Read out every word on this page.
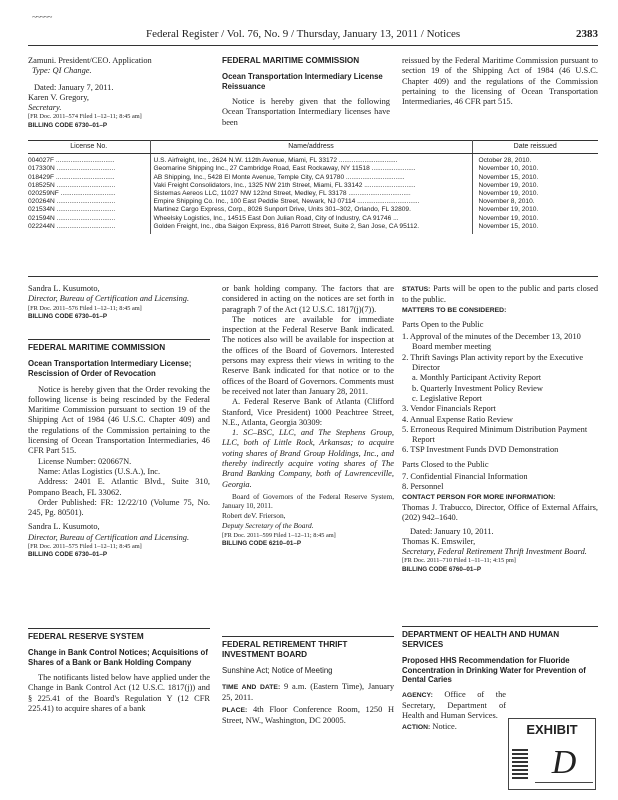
~~~~~
Federal Register / Vol. 76, No. 9 / Thursday, January 13, 2011 / Notices	2383

Zamuni. President/CEO. Application

Type: QI Change.

Dated: January 7, 2011.

Karen V. Gregory,

Secretary.

[FR Doc. 2011–574 Filed 1–12–11; 8:45 am]

BILLING CODE 6730–01–P

FEDERAL MARITIME COMMISSION
Ocean Transportation Intermediary License Reissuance

Notice is hereby given that the following Ocean Transportation Intermediary licenses have been

reissued by the Federal Maritime Commission pursuant to section 19 of the Shipping Act of 1984 (46 U.S.C. Chapter 409) and the regulations of the Commission pertaining to the licensing of Ocean Transportation Intermediaries, 46 CFR part 515.

License No.	Name/address	Date reissued
004027F ................................	U.S. Airfreight, Inc., 2624 N.W. 112th Avenue, Miami, FL 33172 ................................	October 28, 2010.
017330N ................................	Geomarine Shipping Inc., 27 Cambridge Road, East Rockaway, NY 11518 ........................	November 10, 2010.
018429F ................................	AB Shipping, Inc., 5428 El Monte Avenue, Temple City, CA 91780 ................................	November 15, 2010.
018525N ................................	Vaki Freight Consolidators, Inc., 1325 NW 21th Street, Miami, FL 33142 ............................	November 19, 2010.
020259NF ..............................	Sistemas Aereos LLC, 11027 NW 122nd Street, Medley, FL 33178 ..................................	November 19, 2010.
020264N ................................	Empire Shipping Co. Inc., 100 East Peddie Street, Newark, NJ 07114 ..................................	November 8, 2010.
021534N ................................	Martinez Cargo Express, Corp., 8026 Sunport Drive, Units 301–302, Orlando, FL 32809.	November 19, 2010.
021594N ................................	Wheelsky Logistics, Inc., 14515 East Don Julian Road, City of Industry, CA 91746 ...	November 19, 2010.
022244N ................................	Golden Freight, Inc., dba Saigon Express, 816 Parrott Street, Suite 2, San Jose, CA 95112.	November 15, 2010.

Sandra L. Kusumoto,

Director, Bureau of Certification and Licensing.

[FR Doc. 2011–576 Filed 1–12–11; 8:45 am]

BILLING CODE 6730–01–P

FEDERAL MARITIME COMMISSION
Ocean Transportation Intermediary License; Rescission of Order of Revocation

Notice is hereby given that the Order revoking the following license is being rescinded by the Federal Maritime Commission pursuant to section 19 of the Shipping Act of 1984 (46 U.S.C. Chapter 409) and the regulations of the Commission pertaining to the licensing of Ocean Transportation Intermediaries, 46 CFR Part 515.

License Number: 020667N.

Name: Atlas Logistics (U.S.A.), Inc.

Address: 2401 E. Atlantic Blvd., Suite 310, Pompano Beach, FL 33062.

Order Published: FR: 12/22/10 (Volume 75, No. 245, Pg. 80501).

Sandra L. Kusumoto,

Director, Bureau of Certification and Licensing.

[FR Doc. 2011–575 Filed 1–12–11; 8:45 am]

BILLING CODE 6730–01–P

FEDERAL RESERVE SYSTEM
Change in Bank Control Notices; Acquisitions of Shares of a Bank or Bank Holding Company

The notificants listed below have applied under the Change in Bank Control Act (12 U.S.C. 1817(j)) and § 225.41 of the Board's Regulation Y (12 CFR 225.41) to acquire shares of a bank

or bank holding company. The factors that are considered in acting on the notices are set forth in paragraph 7 of the Act (12 U.S.C. 1817(j)(7)).

The notices are available for immediate inspection at the Federal Reserve Bank indicated. The notices also will be available for inspection at the offices of the Board of Governors. Interested persons may express their views in writing to the Reserve Bank indicated for that notice or to the offices of the Board of Governors. Comments must be received not later than January 28, 2011.

A. Federal Reserve Bank of Atlanta (Clifford Stanford, Vice President) 1000 Peachtree Street, N.E., Atlanta, Georgia 30309:

1. SC–BSC, LLC, and The Stephens Group, LLC, both of Little Rock, Arkansas; to acquire voting shares of Brand Group Holdings, Inc., and thereby indirectly acquire voting shares of The Brand Banking Company, both of Lawrenceville, Georgia.

Board of Governors of the Federal Reserve System, January 10, 2011.

Robert deV. Frierson,

Deputy Secretary of the Board.

[FR Doc. 2011–599 Filed 1–12–11; 8:45 am]

BILLING CODE 6210–01–P

FEDERAL RETIREMENT THRIFT INVESTMENT BOARD
Sunshine Act; Notice of Meeting

TIME AND DATE: 9 a.m. (Eastern Time), January 25, 2011.

PLACE: 4th Floor Conference Room, 1250 H Street, NW., Washington, DC 20005.

STATUS: Parts will be open to the public and parts closed to the public.

MATTERS TO BE CONSIDERED:

Parts Open to the Public

1. Approval of the minutes of the December 13, 2010 Board member meeting
2. Thrift Savings Plan activity report by the Executive Director
a. Monthly Participant Activity Report
b. Quarterly Investment Policy Review
c. Legislative Report
3. Vendor Financials Report
4. Annual Expense Ratio Review
5. Erroneous Required Minimum Distribution Payment Report
6. TSP Investment Funds DVD Demonstration

Parts Closed to the Public

7. Confidential Financial Information
8. Personnel

CONTACT PERSON FOR MORE INFORMATION:

Thomas J. Trabucco, Director, Office of External Affairs, (202) 942–1640.

Dated: January 10, 2011.

Thomas K. Emswiler,

Secretary, Federal Retirement Thrift Investment Board.

[FR Doc. 2011–710 Filed 1–11–11; 4:15 pm]

BILLING CODE 6760–01–P

DEPARTMENT OF HEALTH AND HUMAN SERVICES
Proposed HHS Recommendation for Fluoride Concentration in Drinking Water for Prevention of Dental Caries

AGENCY: Office of the Secretary, Department of Health and Human Services.

ACTION: Notice.	EXHIBIT
D
